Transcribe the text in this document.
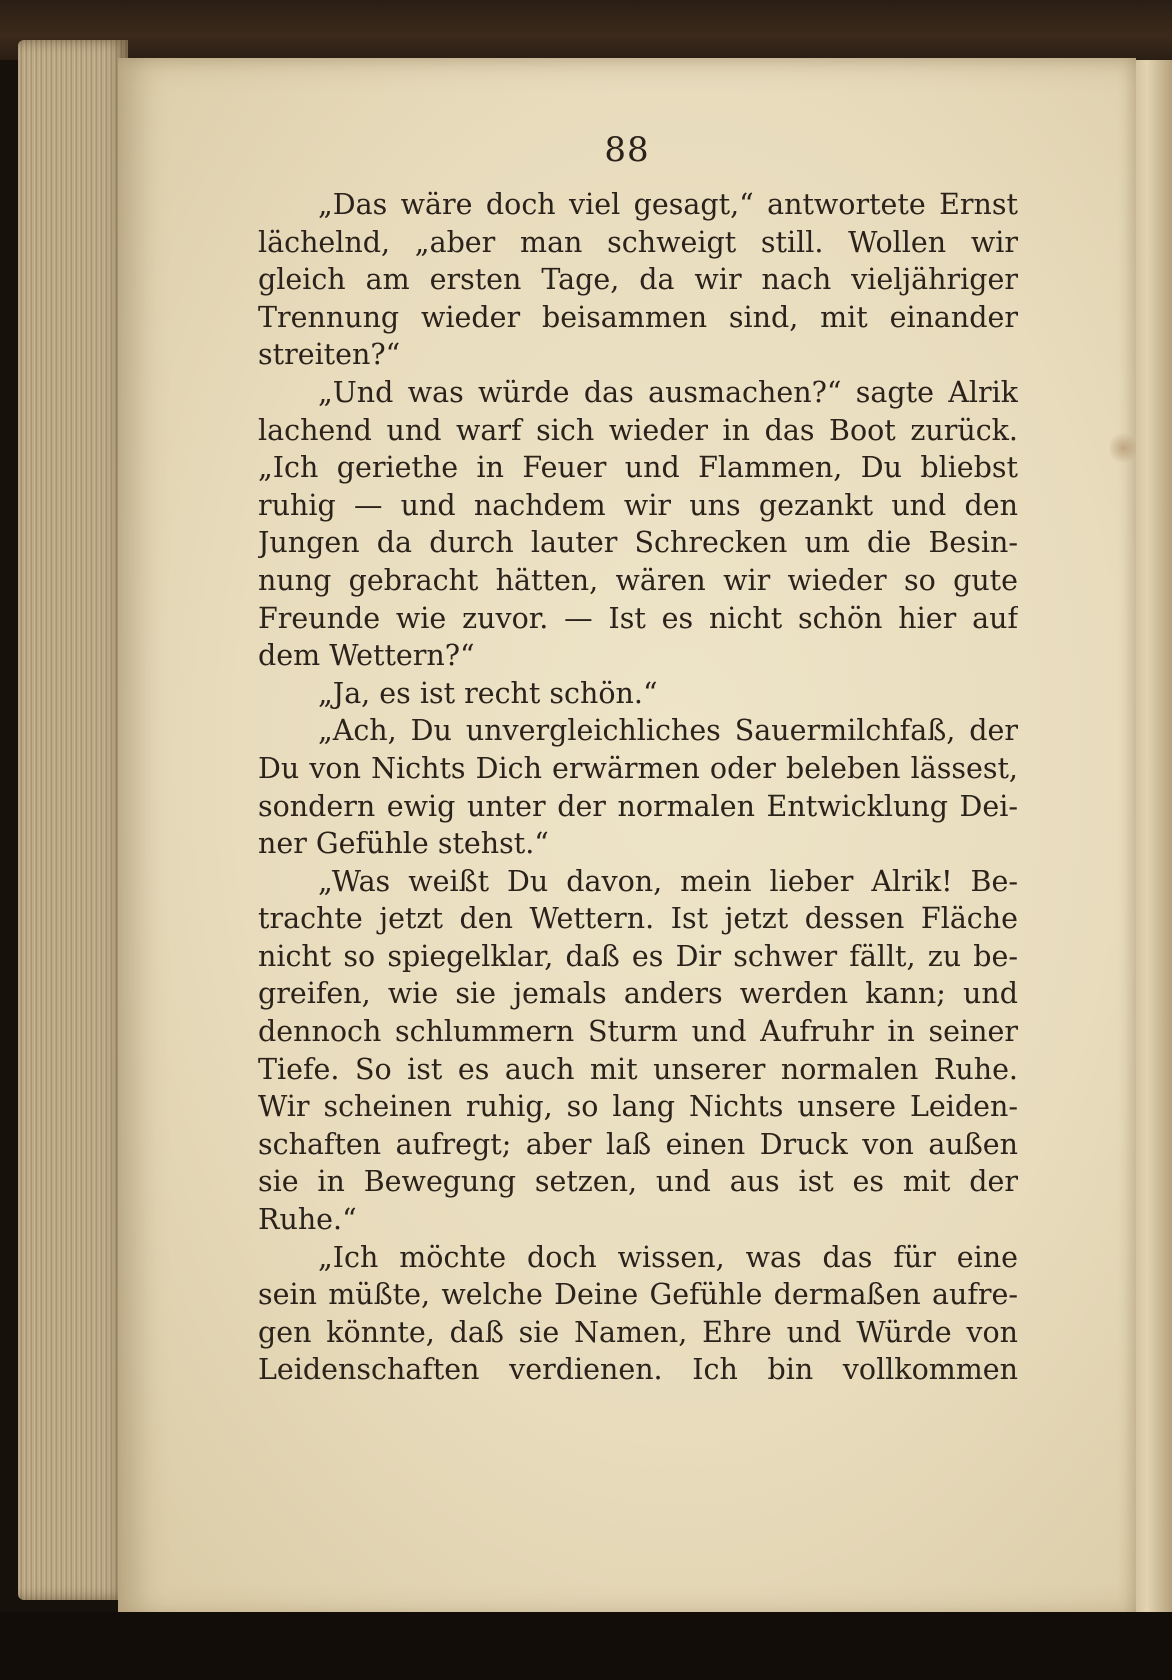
88
„Das wäre doch viel gesagt,“ antwortete Ernst
lächelnd, „aber man schweigt still. Wollen wir
gleich am ersten Tage, da wir nach vieljähriger
Trennung wieder beisammen sind, mit einander
streiten?“
„Und was würde das ausmachen?“ sagte Alrik
lachend und warf sich wieder in das Boot zurück.
„Ich geriethe in Feuer und Flammen, Du bliebst
ruhig — und nachdem wir uns gezankt und den
Jungen da durch lauter Schrecken um die Besin-
nung gebracht hätten, wären wir wieder so gute
Freunde wie zuvor. — Ist es nicht schön hier auf
dem Wettern?“
„Ja, es ist recht schön.“
„Ach, Du unvergleichliches Sauermilchfaß, der
Du von Nichts Dich erwärmen oder beleben lässest,
sondern ewig unter der normalen Entwicklung Dei-
ner Gefühle stehst.“
„Was weißt Du davon, mein lieber Alrik! Be-
trachte jetzt den Wettern. Ist jetzt dessen Fläche
nicht so spiegelklar, daß es Dir schwer fällt, zu be-
greifen, wie sie jemals anders werden kann; und
dennoch schlummern Sturm und Aufruhr in seiner
Tiefe. So ist es auch mit unserer normalen Ruhe.
Wir scheinen ruhig, so lang Nichts unsere Leiden-
schaften aufregt; aber laß einen Druck von außen
sie in Bewegung setzen, und aus ist es mit der
Ruhe.“
„Ich möchte doch wissen, was das für eine
sein müßte, welche Deine Gefühle dermaßen aufre-
gen könnte, daß sie Namen, Ehre und Würde von
Leidenschaften verdienen. Ich bin vollkommen
